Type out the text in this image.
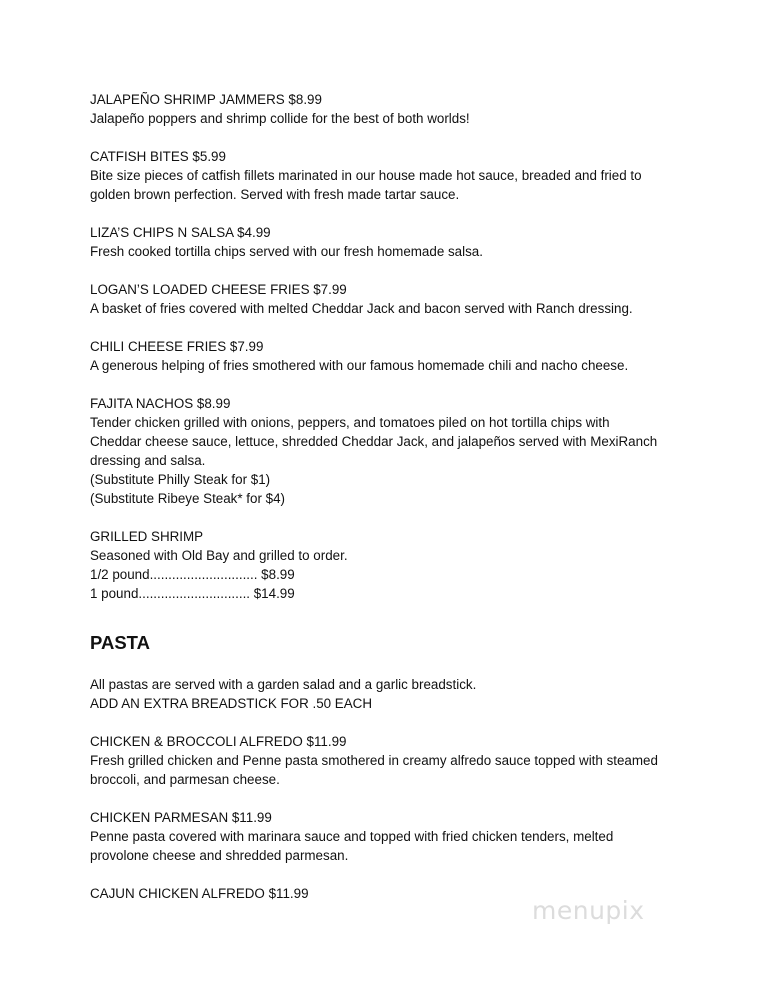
JALAPEÑO SHRIMP JAMMERS $8.99

Jalapeño poppers and shrimp collide for the best of both worlds!

CATFISH BITES $5.99

Bite size pieces of catfish fillets marinated in our house made hot sauce, breaded and fried to

golden brown perfection. Served with fresh made tartar sauce.

LIZA’S CHIPS N SALSA $4.99

Fresh cooked tortilla chips served with our fresh homemade salsa.

LOGAN’S LOADED CHEESE FRIES $7.99

A basket of fries covered with melted Cheddar Jack and bacon served with Ranch dressing.

CHILI CHEESE FRIES $7.99

A generous helping of fries smothered with our famous homemade chili and nacho cheese.

FAJITA NACHOS $8.99

Tender chicken grilled with onions, peppers, and tomatoes piled on hot tortilla chips with

Cheddar cheese sauce, lettuce, shredded Cheddar Jack, and jalapeños served with MexiRanch

dressing and salsa.

(Substitute Philly Steak for $1)

(Substitute Ribeye Steak* for $4)

GRILLED SHRIMP

Seasoned with Old Bay and grilled to order.

1/2 pound............................. $8.99

1 pound.............................. $14.99

PASTA

All pastas are served with a garden salad and a garlic breadstick.

ADD AN EXTRA BREADSTICK FOR .50 EACH

CHICKEN & BROCCOLI ALFREDO $11.99

Fresh grilled chicken and Penne pasta smothered in creamy alfredo sauce topped with steamed

broccoli, and parmesan cheese.

CHICKEN PARMESAN $11.99

Penne pasta covered with marinara sauce and topped with fried chicken tenders, melted

provolone cheese and shredded parmesan.

CAJUN CHICKEN ALFREDO $11.99

menupix
